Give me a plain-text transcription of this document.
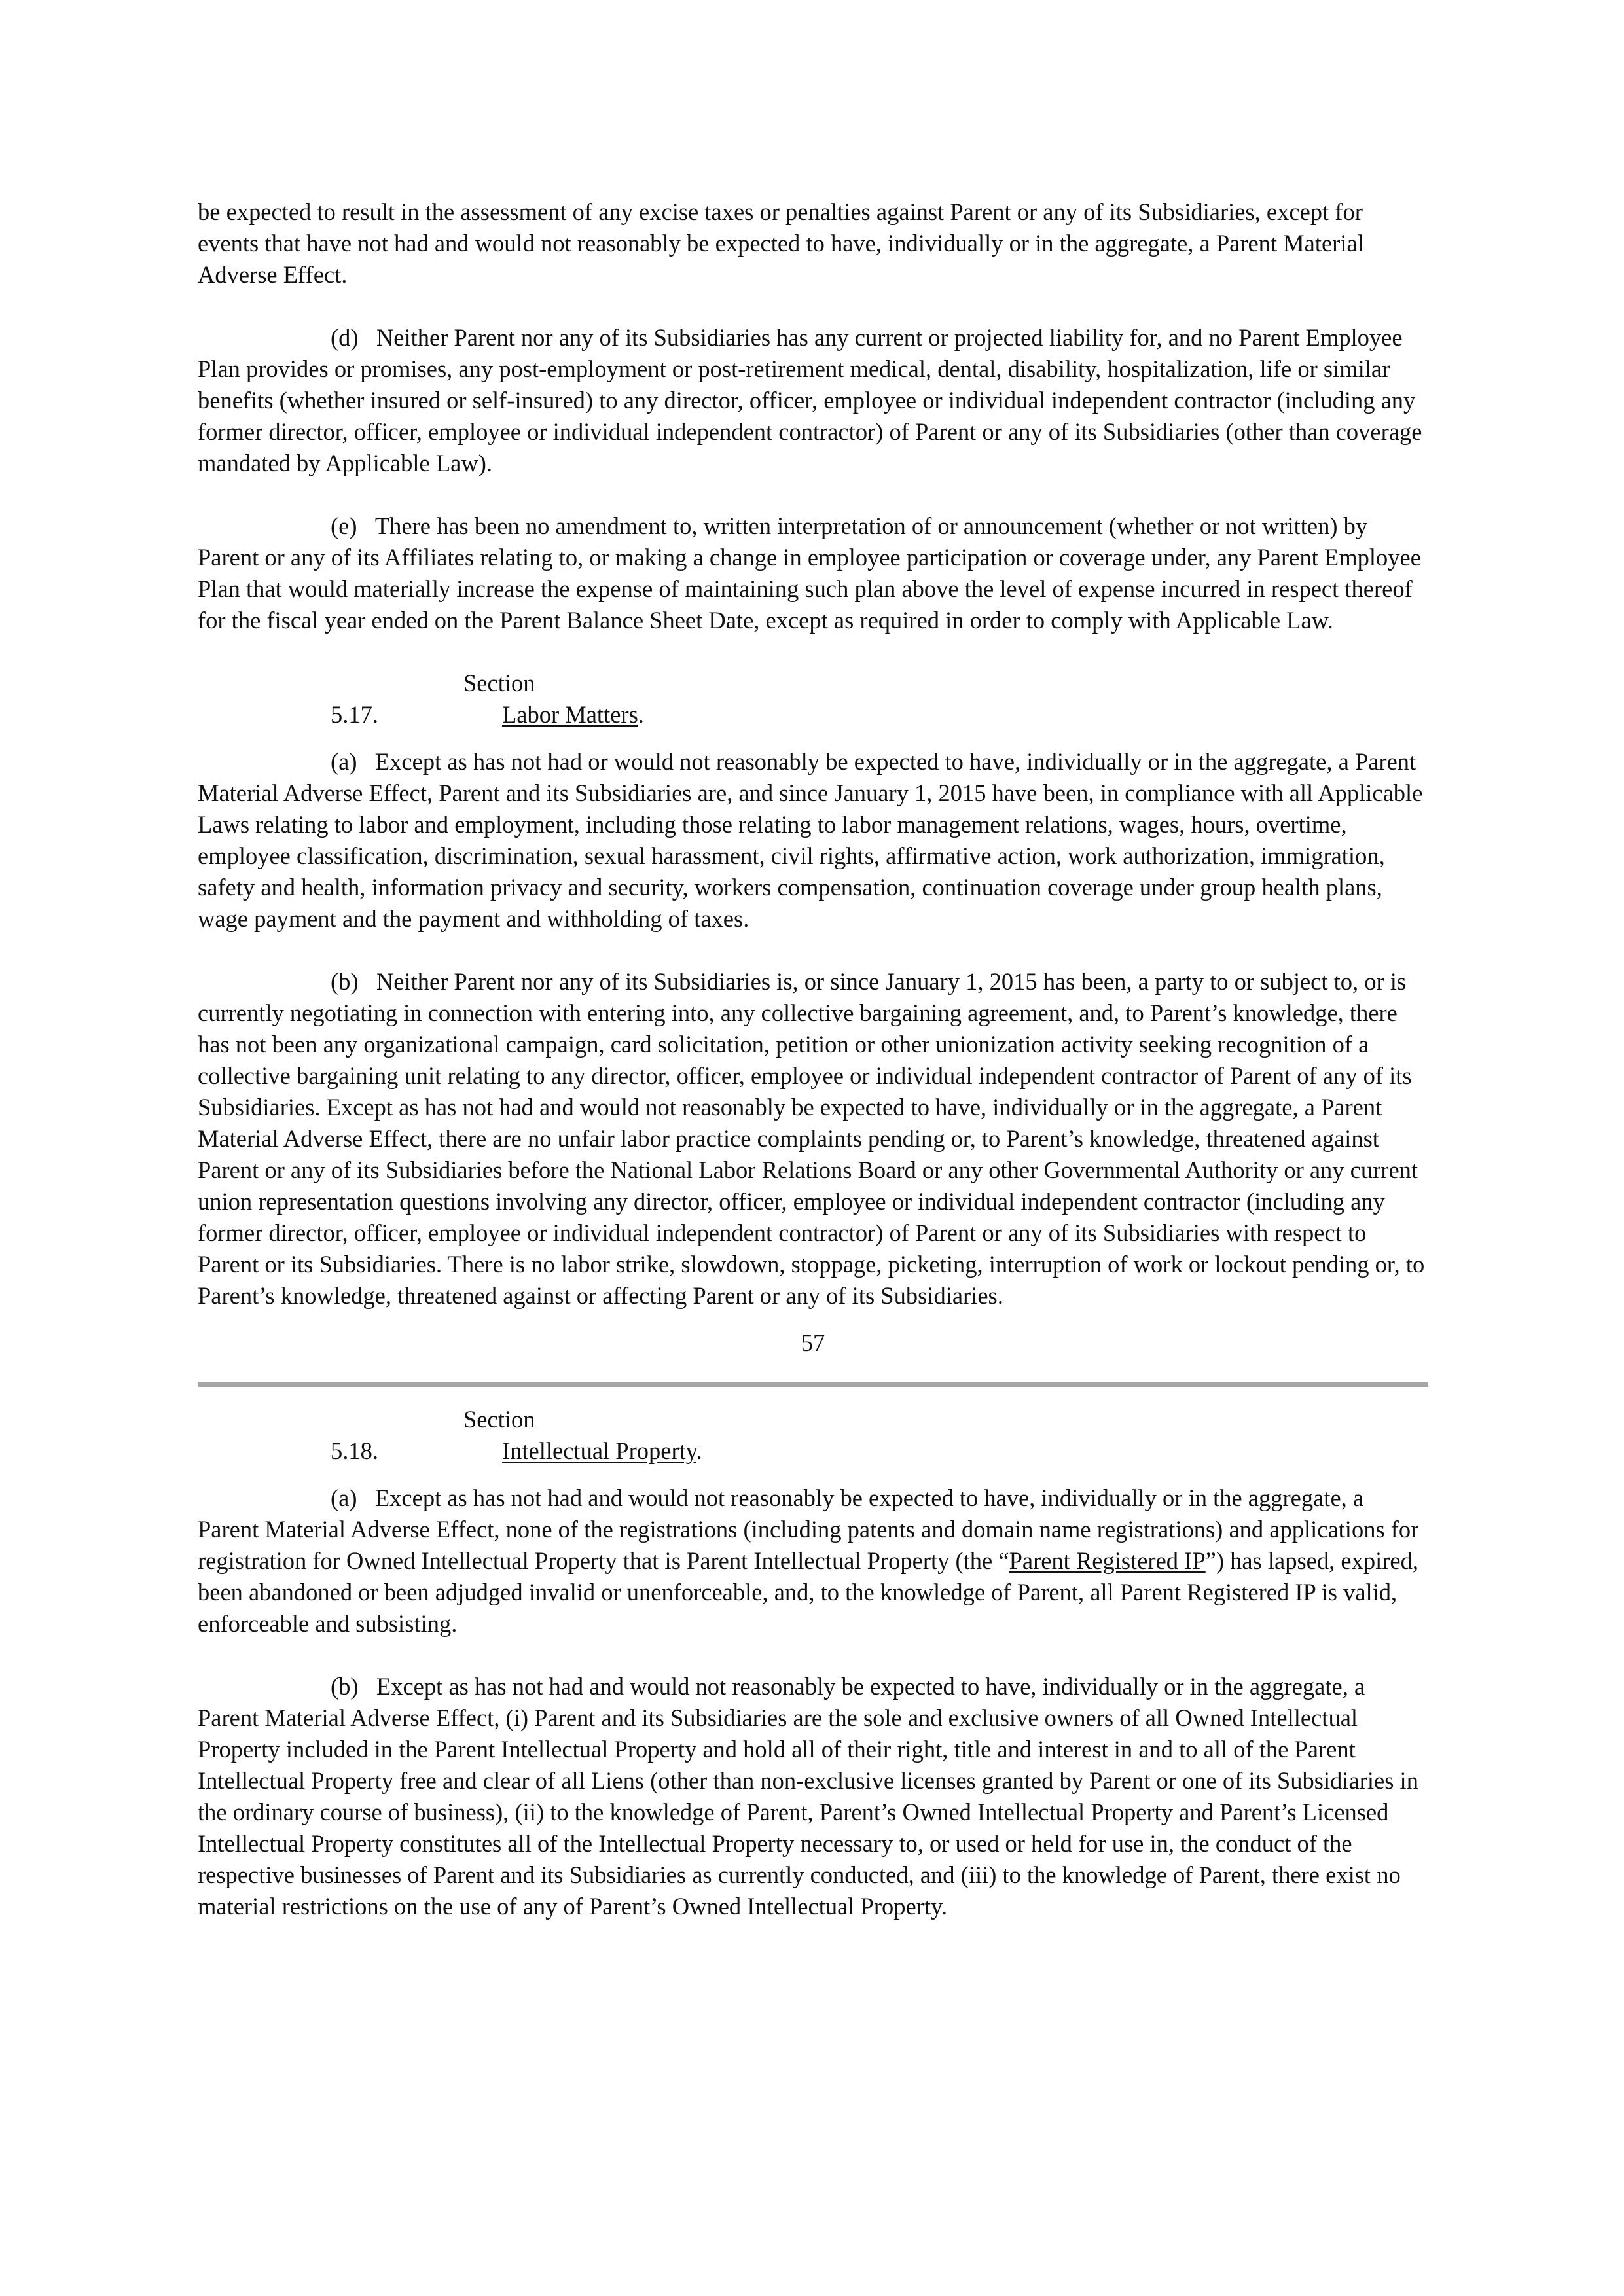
be expected to result in the assessment of any excise taxes or penalties against Parent or any of its Subsidiaries, except for events that have not had and would not reasonably be expected to have, individually or in the aggregate, a Parent Material Adverse Effect.

(d)   Neither Parent nor any of its Subsidiaries has any current or projected liability for, and no Parent Employee Plan provides or promises, any post-employment or post-retirement medical, dental, disability, hospitalization, life or similar benefits (whether insured or self-insured) to any director, officer, employee or individual independent contractor (including any former director, officer, employee or individual independent contractor) of Parent or any of its Subsidiaries (other than coverage mandated by Applicable Law).

(e)   There has been no amendment to, written interpretation of or announcement (whether or not written) by Parent or any of its Affiliates relating to, or making a change in employee participation or coverage under, any Parent Employee Plan that would materially increase the expense of maintaining such plan above the level of expense incurred in respect thereof for the fiscal year ended on the Parent Balance Sheet Date, except as required in order to comply with Applicable Law.

Section 5.17.	Labor Matters.

(a)   Except as has not had or would not reasonably be expected to have, individually or in the aggregate, a Parent Material Adverse Effect, Parent and its Subsidiaries are, and since January 1, 2015 have been, in compliance with all Applicable Laws relating to labor and employment, including those relating to labor management relations, wages, hours, overtime, employee classification, discrimination, sexual harassment, civil rights, affirmative action, work authorization, immigration, safety and health, information privacy and security, workers compensation, continuation coverage under group health plans, wage payment and the payment and withholding of taxes.

(b)   Neither Parent nor any of its Subsidiaries is, or since January 1, 2015 has been, a party to or subject to, or is currently negotiating in connection with entering into, any collective bargaining agreement, and, to Parent’s knowledge, there has not been any organizational campaign, card solicitation, petition or other unionization activity seeking recognition of a collective bargaining unit relating to any director, officer, employee or individual independent contractor of Parent of any of its Subsidiaries. Except as has not had and would not reasonably be expected to have, individually or in the aggregate, a Parent Material Adverse Effect, there are no unfair labor practice complaints pending or, to Parent’s knowledge, threatened against Parent or any of its Subsidiaries before the National Labor Relations Board or any other Governmental Authority or any current union representation questions involving any director, officer, employee or individual independent contractor (including any former director, officer, employee or individual independent contractor) of Parent or any of its Subsidiaries with respect to Parent or its Subsidiaries. There is no labor strike, slowdown, stoppage, picketing, interruption of work or lockout pending or, to Parent’s knowledge, threatened against or affecting Parent or any of its Subsidiaries.

57

Section 5.18.	Intellectual Property.

(a)   Except as has not had and would not reasonably be expected to have, individually or in the aggregate, a Parent Material Adverse Effect, none of the registrations (including patents and domain name registrations) and applications for registration for Owned Intellectual Property that is Parent Intellectual Property (the “Parent Registered IP”) has lapsed, expired, been abandoned or been adjudged invalid or unenforceable, and, to the knowledge of Parent, all Parent Registered IP is valid, enforceable and subsisting.

(b)   Except as has not had and would not reasonably be expected to have, individually or in the aggregate, a Parent Material Adverse Effect, (i) Parent and its Subsidiaries are the sole and exclusive owners of all Owned Intellectual Property included in the Parent Intellectual Property and hold all of their right, title and interest in and to all of the Parent Intellectual Property free and clear of all Liens (other than non-exclusive licenses granted by Parent or one of its Subsidiaries in the ordinary course of business), (ii) to the knowledge of Parent, Parent’s Owned Intellectual Property and Parent’s Licensed Intellectual Property constitutes all of the Intellectual Property necessary to, or used or held for use in, the conduct of the respective businesses of Parent and its Subsidiaries as currently conducted, and (iii) to the knowledge of Parent, there exist no material restrictions on the use of any of Parent’s Owned Intellectual Property.
